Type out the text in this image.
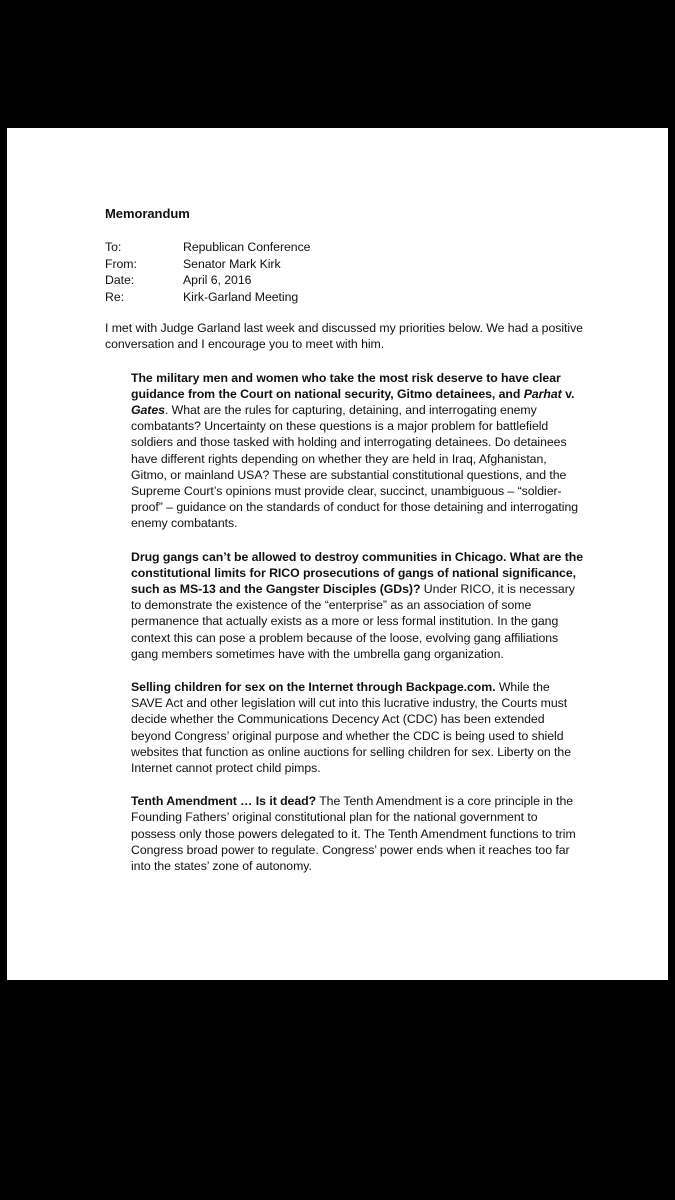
Memorandum
To:	Republican Conference
From:	Senator Mark Kirk
Date:	April 6, 2016
Re:	Kirk-Garland Meeting

I met with Judge Garland last week and discussed my priorities below. We had a positive conversation and I encourage you to meet with him.

The military men and women who take the most risk deserve to have clear guidance from the Court on national security, Gitmo detainees, and Parhat v. Gates. What are the rules for capturing, detaining, and interrogating enemy combatants? Uncertainty on these questions is a major problem for battlefield soldiers and those tasked with holding and interrogating detainees. Do detainees have different rights depending on whether they are held in Iraq, Afghanistan, Gitmo, or mainland USA? These are substantial constitutional questions, and the Supreme Court’s opinions must provide clear, succinct, unambiguous – “soldier-proof” – guidance on the standards of conduct for those detaining and interrogating enemy combatants.

Drug gangs can’t be allowed to destroy communities in Chicago. What are the constitutional limits for RICO prosecutions of gangs of national significance, such as MS-13 and the Gangster Disciples (GDs)? Under RICO, it is necessary to demonstrate the existence of the “enterprise” as an association of some permanence that actually exists as a more or less formal institution. In the gang context this can pose a problem because of the loose, evolving gang affiliations gang members sometimes have with the umbrella gang organization.

Selling children for sex on the Internet through Backpage.com. While the SAVE Act and other legislation will cut into this lucrative industry, the Courts must decide whether the Communications Decency Act (CDC) has been extended beyond Congress’ original purpose and whether the CDC is being used to shield websites that function as online auctions for selling children for sex. Liberty on the Internet cannot protect child pimps.

Tenth Amendment … Is it dead? The Tenth Amendment is a core principle in the Founding Fathers’ original constitutional plan for the national government to possess only those powers delegated to it. The Tenth Amendment functions to trim Congress broad power to regulate. Congress’ power ends when it reaches too far into the states’ zone of autonomy.
